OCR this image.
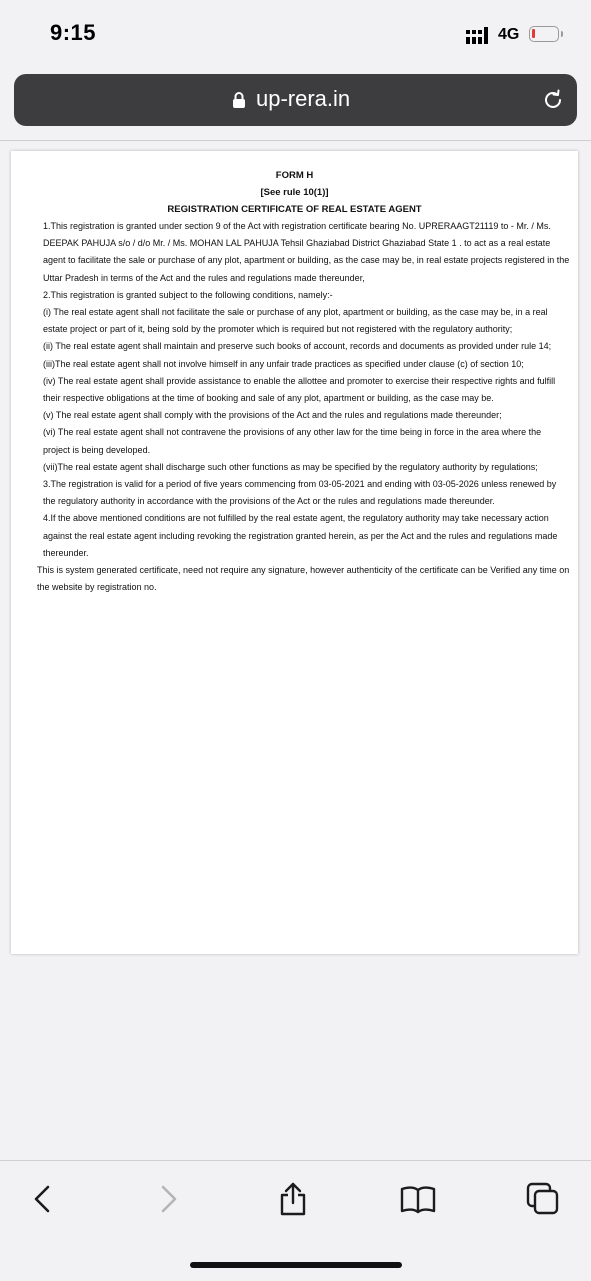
9:15	4G
up-rera.in
FORM H
[See rule 10(1)]
REGISTRATION CERTIFICATE OF REAL ESTATE AGENT

1.This registration is granted under section 9 of the Act with registration certificate bearing No. UPRERAAGT21119 to - Mr. / Ms. DEEPAK PAHUJA s/o / d/o Mr. / Ms. MOHAN LAL PAHUJA Tehsil Ghaziabad District Ghaziabad State 1 . to act as a real estate agent to facilitate the sale or purchase of any plot, apartment or building, as the case may be, in real estate projects registered in the Uttar Pradesh in terms of the Act and the rules and regulations made thereunder,

2.This registration is granted subject to the following conditions, namely:-

(i) The real estate agent shall not facilitate the sale or purchase of any plot, apartment or building, as the case may be, in a real estate project or part of it, being sold by the promoter which is required but not registered with the regulatory authority;

(ii) The real estate agent shall maintain and preserve such books of account, records and documents as provided under rule 14;

(iii)The real estate agent shall not involve himself in any unfair trade practices as specified under clause (c) of section 10;

(iv) The real estate agent shall provide assistance to enable the allottee and promoter to exercise their respective rights and fulfill their respective obligations at the time of booking and sale of any plot, apartment or building, as the case may be.

(v) The real estate agent shall comply with the provisions of the Act and the rules and regulations made thereunder;

(vi) The real estate agent shall not contravene the provisions of any other law for the time being in force in the area where the project is being developed.

(vii)The real estate agent shall discharge such other functions as may be specified by the regulatory authority by regulations;

3.The registration is valid for a period of five years commencing from 03-05-2021 and ending with 03-05-2026 unless renewed by the regulatory authority in accordance with the provisions of the Act or the rules and regulations made thereunder.

4.If the above mentioned conditions are not fulfilled by the real estate agent, the regulatory authority may take necessary action against the real estate agent including revoking the registration granted herein, as per the Act and the rules and regulations made thereunder.

This is system generated certificate, need not require any signature, however authenticity of the certificate can be Verified any time on the website by registration no.
